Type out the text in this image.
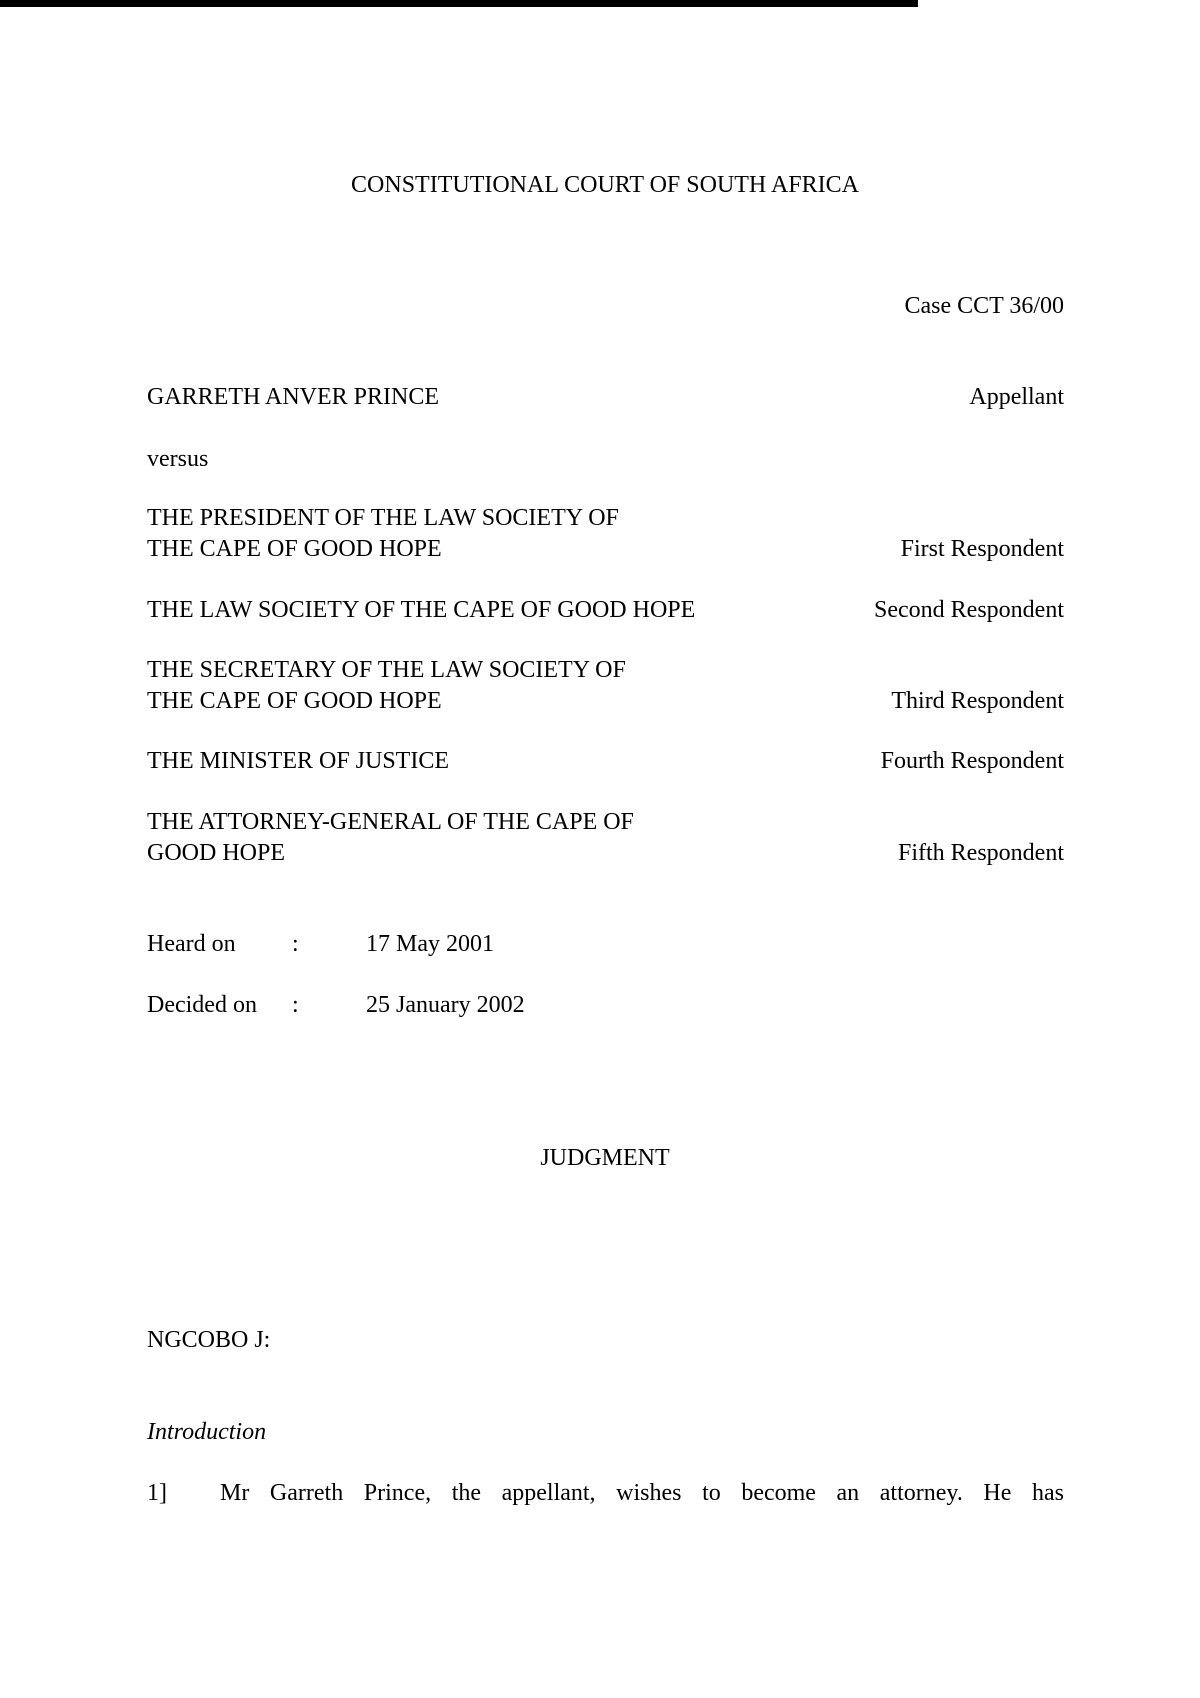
CONSTITUTIONAL COURT OF SOUTH AFRICA
Case CCT 36/00
GARRETH ANVER PRINCE	Appellant
versus
THE PRESIDENT OF THE LAW SOCIETY OF
THE CAPE OF GOOD HOPE	First Respondent
THE LAW SOCIETY OF THE CAPE OF GOOD HOPE	Second Respondent
THE SECRETARY OF THE LAW SOCIETY OF
THE CAPE OF GOOD HOPE	Third Respondent
THE MINISTER OF JUSTICE	Fourth Respondent
THE ATTORNEY-GENERAL OF THE CAPE OF
GOOD HOPE	Fifth Respondent
Heard on :	17 May 2001
Decided on :	25 January 2002
JUDGMENT
NGCOBO J:
Introduction
1] Mr Garreth Prince, the appellant, wishes to become an attorney. He has
